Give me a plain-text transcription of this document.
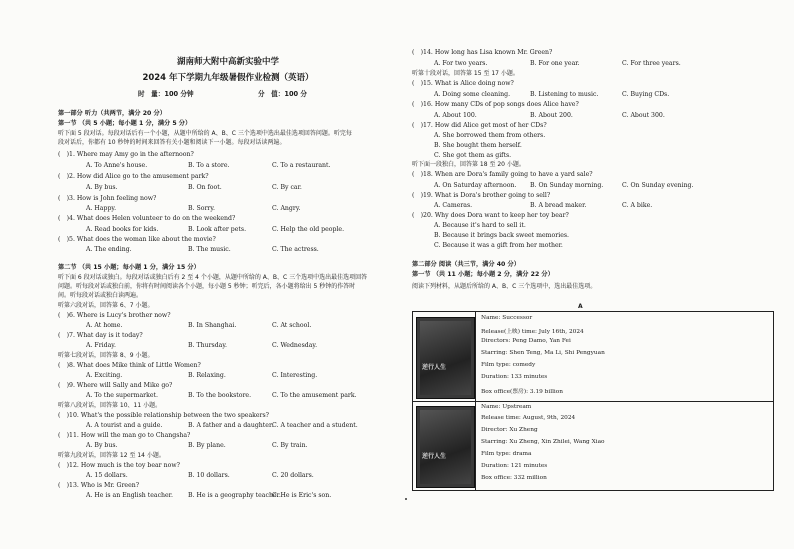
湖南师大附中高新实验中学
2024 年下学期九年级暑假作业检测（英语）
时　量：100 分钟	分　值：100 分
第一部分 听力（共两节，满分 20 分）
第一节 （共 5 小题；每小题 1 分，满分 5 分）
听下面 5 段对话。每段对话后有一个小题，从题中所给的 A、B、C 三个选项中选出最佳选项回答问题。听完每
段对话后，你都有 10 秒钟的时间来回答有关小题和阅读下一小题。每段对话读两遍。
(　)1. Where may Amy go in the afternoon?
A. To Anne's house.	B. To a store.	C. To a restaurant.
(　)2. How did Alice go to the amusement park?
A. By bus.	B. On foot.	C. By car.
(　)3. How is John feeling now?
A. Happy.	B. Sorry.	C. Angry.
(　)4. What does Helen volunteer to do on the weekend?
A. Read books for kids.	B. Look after pets.	C. Help the old people.
(　)5. What does the woman like about the movie?
A. The ending.	B. The music.	C. The actress.
第二节 （共 15 小题；每小题 1 分，满分 15 分）
听下面 6 段对话或独白。每段对话或独白后有 2 至 4 个小题，从题中所给的 A、B、C 三个选项中选出最佳选项回答
问题。听每段对话或独白前，你将有时间阅读各个小题，每小题 5 秒钟；听完后，各小题将给出 5 秒钟的作答时
间。听每段对话或独白读两遍。
听第六段对话，回答第 6、7 小题。
(　)6. Where is Lucy's brother now?
A. At home.	B. In Shanghai.	C. At school.
(　)7. What day is it today?
A. Friday.	B. Thursday.	C. Wednesday.
听第七段对话，回答第 8、9 小题。
(　)8. What does Mike think of Little Women?
A. Exciting.	B. Relaxing.	C. Interesting.
(　)9. Where will Sally and Mike go?
A. To the supermarket.	B. To the bookstore.	C. To the amusement park.
听第八段对话，回答第 10、11 小题。
(　)10. What's the possible relationship between the two speakers?
A. A tourist and a guide.	B. A father and a daughter.
C. A teacher and a student.
(　)11. How will the man go to Changsha?
A. By bus.	B. By plane.	C. By train.
听第九段对话，回答第 12 至 14 小题。
(　)12. How much is the toy bear now?
A. 15 dollars.	B. 10 dollars.	C. 20 dollars.
(　)13. Who is Mr. Green?
A. He is an English teacher. B. He is a geography teacher.
C. He is Eric's son.
(　)14. How long has Lisa known Mr. Green?
A. For two years.	B. For one year.	C. For three years.
听第十段对话，回答第 15 至 17 小题。
(　)15. What is Alice doing now?
A. Doing some cleaning.	B. Listening to music.	C. Buying CDs.
(　)16. How many CDs of pop songs does Alice have?
A. About 100.	B. About 200.	C. About 300.
(　)17. How did Alice get most of her CDs?
A. She borrowed them from others.
B. She bought them herself.
C. She got them as gifts.
听下面一段独白，回答第 18 至 20 小题。
(　)18. When are Dora's family going to have a yard sale?
A. On Saturday afternoon. B. On Sunday morning.	C. On Sunday evening.
(　)19. What is Dora's brother going to sell?
A. Cameras.	B. A bread maker.	C. A bike.
(　)20. Why does Dora want to keep her toy bear?
A. Because it's hard to sell it.
B. Because it brings back sweet memories.
C. Because it was a gift from her mother.
第二部分 阅读（共三节，满分 40 分）
第一节 （共 11 小题；每小题 2 分，满分 22 分）
阅读下列材料，从题后所给的 A、B、C 三个选项中，选出最佳选项。
A
逆行人生
Name: Successor
Release(上映) time: July 16th, 2024
Directors: Peng Damo, Yan Fei
Starring: Shen Teng, Ma Li, Shi Pengyuan
Film type: comedy
Duration: 133 minutes
Box office(票房): 3.19 billion
逆行人生
Name: Upstream
Release time: August, 9th, 2024
Director: Xu Zheng
Starring: Xu Zheng, Xin Zhilei, Wang Xiao
Film type: drama
Duration: 121 minutes
Box office: 332 million
